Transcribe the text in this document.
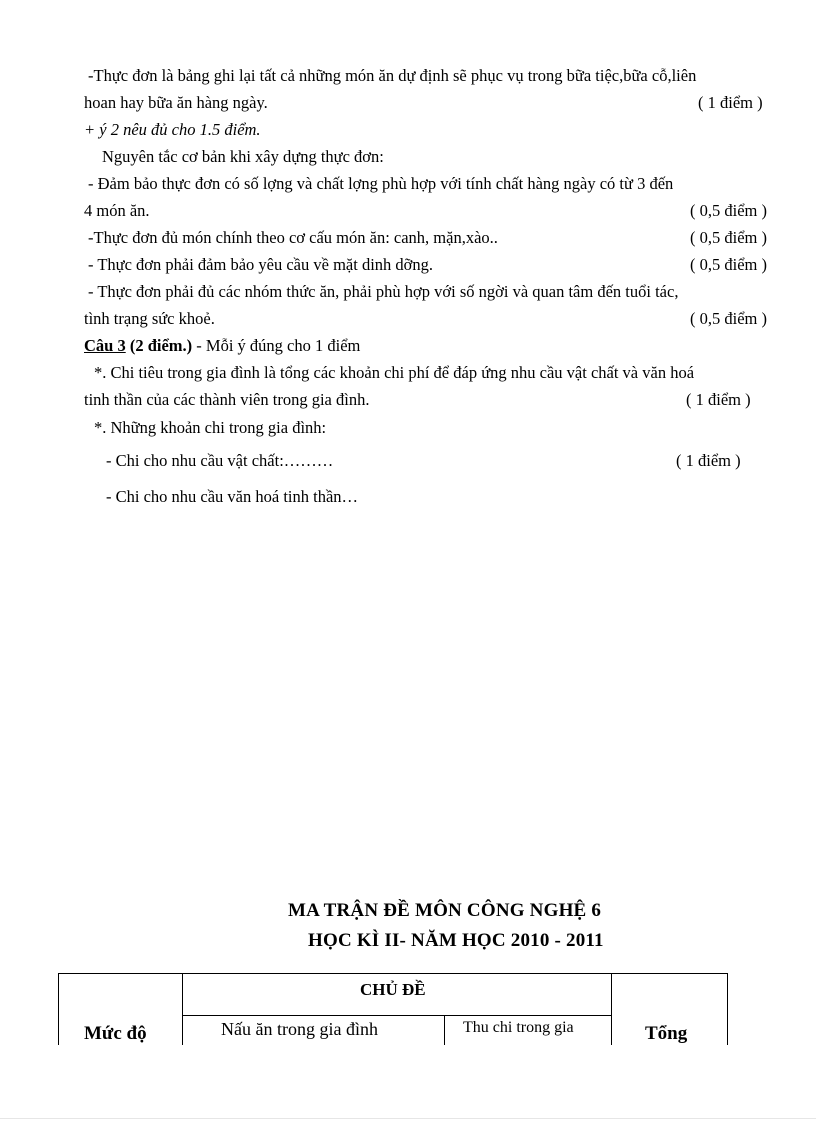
-Thực đơn là bảng ghi lại tất cả những món ăn dự định sẽ phục vụ trong bữa tiệc,bữa cỗ,liên
hoan hay bữa ăn hàng ngày.	( 1 điểm )
+ ý 2 nêu đủ cho 1.5 điểm.
Nguyên tắc cơ bản khi xây dựng thực đơn:
- Đảm bảo thực đơn có số lợng và chất lợng phù hợp với tính chất hàng ngày có từ 3 đến
4 món ăn.	( 0,5 điểm )
-Thực đơn đủ món chính theo cơ cấu món ăn: canh, mặn,xào..	( 0,5 điểm )
- Thực đơn phải đảm bảo yêu cầu về mặt dinh dỡng.	( 0,5 điểm )
- Thực đơn phải đủ các nhóm thức ăn, phải phù hợp với số ngời và quan tâm đến tuổi tác,
tình trạng sức khoẻ.	( 0,5 điểm )
Câu 3 (2 điểm.) - Mỗi ý đúng cho 1 điểm
*. Chi tiêu trong gia đình là tổng các khoản chi phí để đáp ứng nhu cầu vật chất và văn hoá
tinh thần của các thành viên trong gia đình.	( 1 điểm )
*. Những khoản chi trong gia đình:
- Chi cho nhu cầu vật chất:………	( 1 điểm )
- Chi cho nhu cầu văn hoá tinh thần…
MA TRẬN ĐỀ MÔN CÔNG NGHỆ 6
HỌC KÌ II- NĂM HỌC 2010 - 2011
CHỦ ĐỀ
Mức độ	Nấu ăn trong gia đình	Thu chi trong gia	Tổng
